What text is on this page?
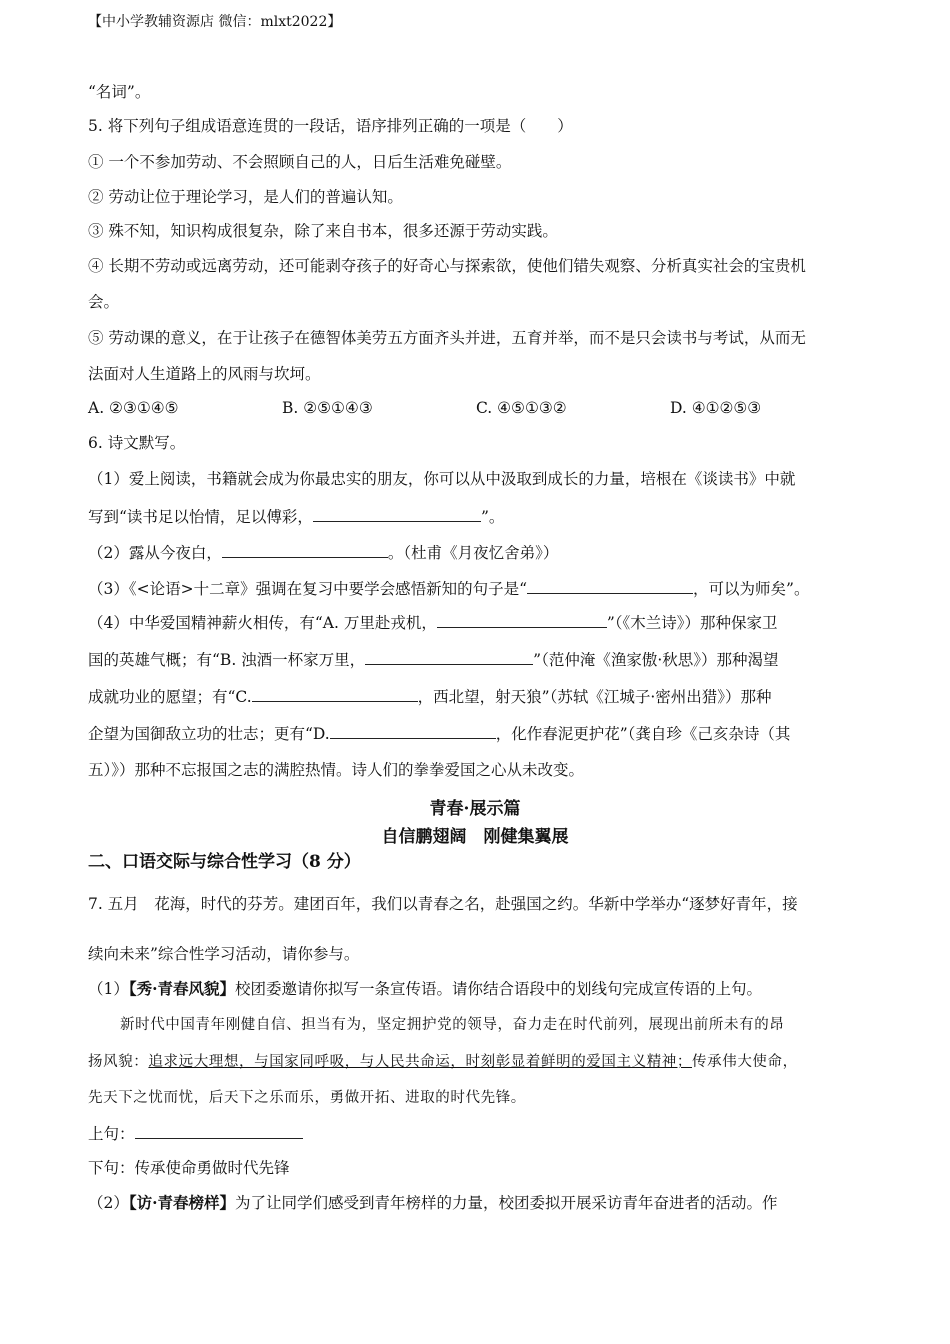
【中小学教辅资源店 微信：mlxt2022】
“名词”。
5. 将下列句子组成语意连贯的一段话，语序排列正确的一项是（　　）
① 一个不参加劳动、不会照顾自己的人，日后生活难免碰壁。
② 劳动让位于理论学习，是人们的普遍认知。
③ 殊不知，知识构成很复杂，除了来自书本，很多还源于劳动实践。
④ 长期不劳动或远离劳动，还可能剥夺孩子的好奇心与探索欲，使他们错失观察、分析真实社会的宝贵机
会。
⑤ 劳动课的意义，在于让孩子在德智体美劳五方面齐头并进，五育并举，而不是只会读书与考试，从而无
法面对人生道路上的风雨与坎坷。
A. ②③①④⑤	B. ②⑤①④③	C. ④⑤①③②	D. ④①②⑤③
6. 诗文默写。
（1）爱上阅读，书籍就会成为你最忠实的朋友，你可以从中汲取到成长的力量，培根在《谈读书》中就
写到“读书足以怡情，足以傅彩，	”。
（2）露从今夜白，	。（杜甫《月夜忆舍弟》）
（3）《<论语>十二章》强调在复习中要学会感悟新知的句子是“	，可以为师矣”。
（4）中华爱国精神薪火相传，有“A. 万里赴戎机，	”（《木兰诗》）那种保家卫
国的英雄气概；有“B. 浊酒一杯家万里，	”（范仲淹《渔家傲·秋思》）那种渴望
成就功业的愿望；有“C.	，西北望，射天狼”（苏轼《江城子·密州出猎》）那种
企望为国御敌立功的壮志；更有“D.	，化作春泥更护花”（龚自珍《己亥杂诗（其
五）》）那种不忘报国之志的满腔热情。诗人们的拳拳爱国之心从未改变。
青春·展示篇
自信鹏翅阔　刚健集翼展
二、口语交际与综合性学习（8 分）
7. 五月　花海，时代的芬芳。建团百年，我们以青春之名，赴强国之约。华新中学举办“逐梦好青年，接
续向未来”综合性学习活动，请你参与。
（1）【秀·青春风貌】校团委邀请你拟写一条宣传语。请你结合语段中的划线句完成宣传语的上句。
新时代中国青年刚健自信、担当有为，坚定拥护党的领导，奋力走在时代前列，展现出前所未有的昂
扬风貌：追求远大理想，与国家同呼吸，与人民共命运，时刻彰显着鲜明的爱国主义精神；传承伟大使命，
先天下之忧而忧，后天下之乐而乐，勇做开拓、进取的时代先锋。
上句：
下句：传承使命勇做时代先锋
（2）【访·青春榜样】为了让同学们感受到青年榜样的力量，校团委拟开展采访青年奋进者的活动。作
